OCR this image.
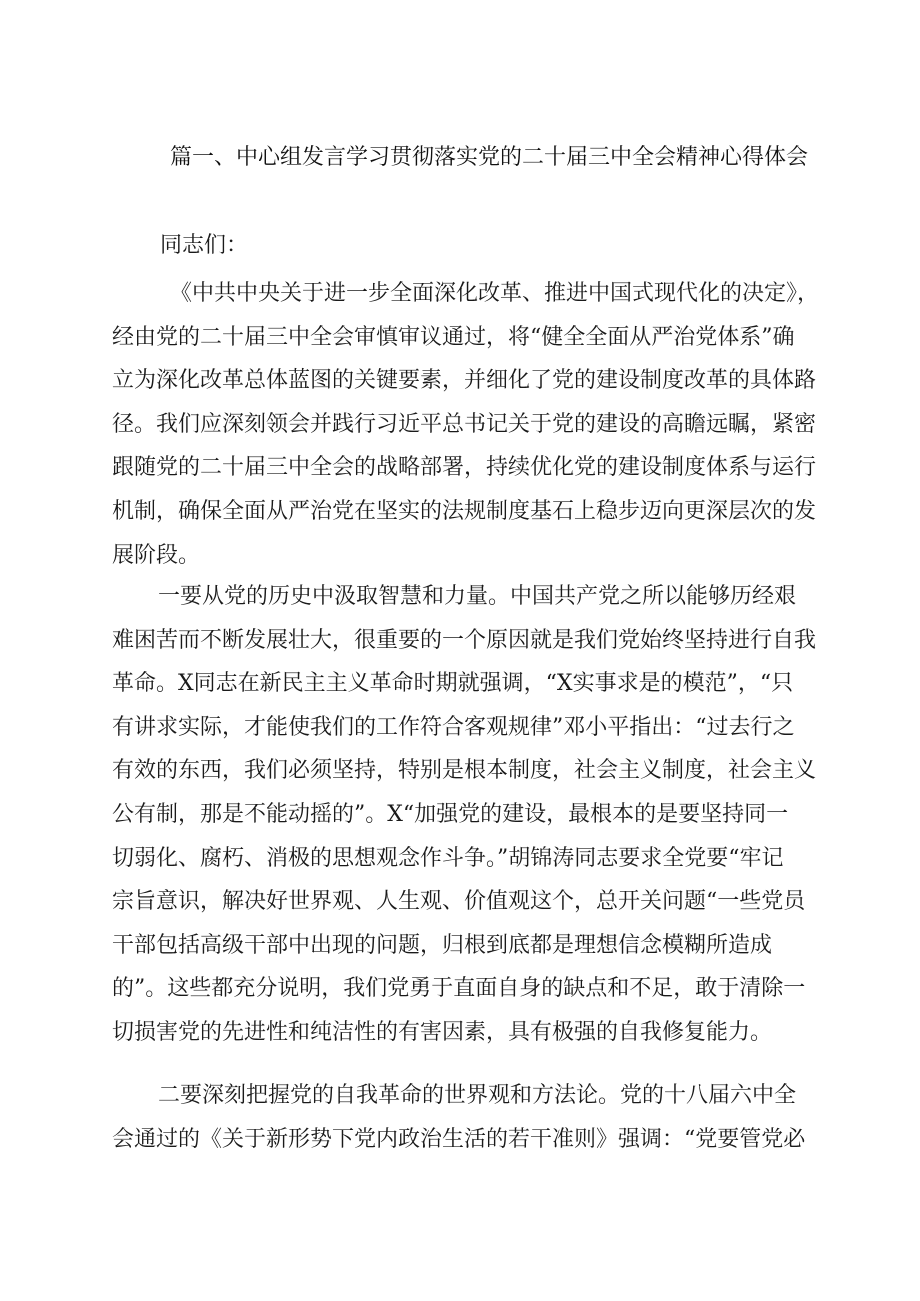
篇一、中心组发言学习贯彻落实党的二十届三中全会精神心得体会

同志们：

《中共中央关于进一步全面深化改革、推进中国式现代化的决定》，
经由党的二十届三中全会审慎审议通过，将“健全全面从严治党体系”确
立为深化改革总体蓝图的关键要素，并细化了党的建设制度改革的具体路
径。我们应深刻领会并践行习近平总书记关于党的建设的高瞻远瞩，紧密
跟随党的二十届三中全会的战略部署，持续优化党的建设制度体系与运行
机制，确保全面从严治党在坚实的法规制度基石上稳步迈向更深层次的发
展阶段。

一要从党的历史中汲取智慧和力量。中国共产党之所以能够历经艰
难困苦而不断发展壮大，很重要的一个原因就是我们党始终坚持进行自我
革命。X同志在新民主主义革命时期就强调，“X实事求是的模范”，“只
有讲求实际，才能使我们的工作符合客观规律”邓小平指出：“过去行之
有效的东西，我们必须坚持，特别是根本制度，社会主义制度，社会主义
公有制，那是不能动摇的”。X“加强党的建设，最根本的是要坚持同一
切弱化、腐朽、消极的思想观念作斗争。”胡锦涛同志要求全党要“牢记
宗旨意识，解决好世界观、人生观、价值观这个，总开关问题“一些党员
干部包括高级干部中出现的问题，归根到底都是理想信念模糊所造成
的”。这些都充分说明，我们党勇于直面自身的缺点和不足，敢于清除一
切损害党的先进性和纯洁性的有害因素，具有极强的自我修复能力。

二要深刻把握党的自我革命的世界观和方法论。党的十八届六中全
会通过的《关于新形势下党内政治生活的若干准则》强调：“党要管党必
